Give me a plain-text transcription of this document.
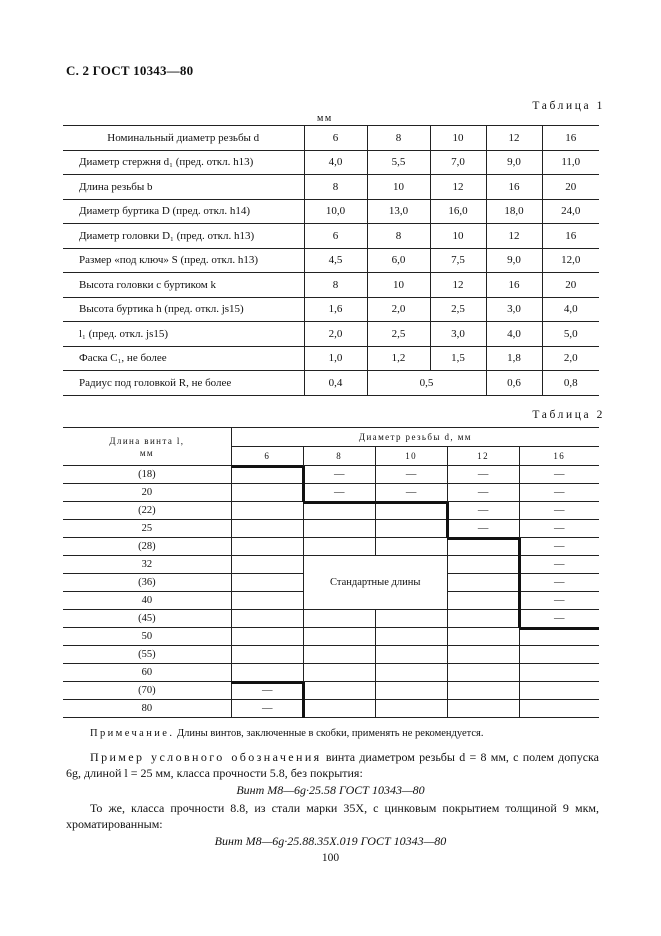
С. 2 ГОСТ 10343—80
Таблица 1
мм
Номинальный диаметр резьбы d	6	8	10	12	16
Диаметр стержня d₁ (пред. откл. h13)	4,0	5,5	7,0	9,0	11,0
Длина резьбы b	8	10	12	16	20
Диаметр буртика D (пред. откл. h14)	10,0	13,0	16,0	18,0	24,0
Диаметр головки D₁ (пред. откл. h13)	6	8	10	12	16
Размер «под ключ» S (пред. откл. h13)	4,5	6,0	7,5	9,0	12,0
Высота головки с буртиком k	8	10	12	16	20
Высота буртика h (пред. откл. js15)	1,6	2,0	2,5	3,0	4,0
l₁ (пред. откл. js15)	2,0	2,5	3,0	4,0	5,0
Фаска C₁, не более	1,0	1,2	1,5	1,8	2,0
Радиус под головкой R, не более	0,4	0,5		0,6	0,8
Таблица 2
Длина винта l,
мм	Диаметр резьбы d, мм				
	6	8	10	12	16
(18)		—	—	—	—
20		—	—	—	—
(22)				—	—
25				—	—
(28)					—
32		Стандартные длины			—
(36)					—
40					—
(45)					—
50					
(55)					
60					
(70)	—				
80	—				
Примечание. Длины винтов, заключенные в скобки, применять не рекомендуется.
Пример условного обозначения винта диаметром резьбы d = 8 мм, с полем допуска 6g, длиной l = 25 мм, класса прочности 5.8, без покрытия:
Винт М8—6g·25.58 ГОСТ 10343—80
То же, класса прочности 8.8, из стали марки 35Х, с цинковым покрытием толщиной 9 мкм, хроматированным:
Винт М8—6g·25.88.35Х.019 ГОСТ 10343—80
100
